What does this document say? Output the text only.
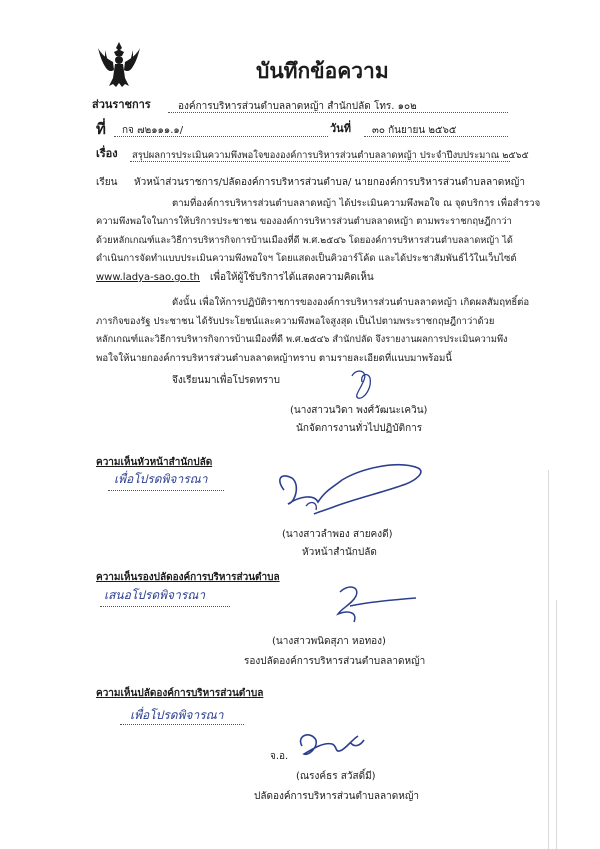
บันทึกข้อความ
ส่วนราชการ	องค์การบริหารส่วนตำบลลาดหญ้า สำนักปลัด โทร. ๑๐๒
ที่ กจ ๗๒๑๑๑.๑/	วันที่ ๓๐ กันยายน ๒๕๖๕
เรื่อง สรุปผลการประเมินความพึงพอใจขององค์การบริหารส่วนตำบลลาดหญ้า ประจำปีงบประมาณ ๒๕๖๕
เรียน หัวหน้าส่วนราชการ/ปลัดองค์การบริหารส่วนตำบล/ นายกองค์การบริหารส่วนตำบลลาดหญ้า
ตามที่องค์การบริหารส่วนตำบลลาดหญ้า ได้ประเมินความพึงพอใจ ณ จุดบริการ เพื่อสำรวจ
ความพึงพอใจในการให้บริการประชาชน ขององค์การบริหารส่วนตำบลลาดหญ้า ตามพระราชกฤษฎีกาว่า
ด้วยหลักเกณฑ์และวิธีการบริหารกิจการบ้านเมืองที่ดี พ.ศ.๒๕๔๖ โดยองค์การบริหารส่วนตำบลลาดหญ้า ได้
ดำเนินการจัดทำแบบประเมินความพึงพอใจฯ โดยแสดงเป็นคิวอาร์โค้ด และได้ประชาสัมพันธ์ไว้ในเว็บไซต์
www.ladya-sao.go.th เพื่อให้ผู้ใช้บริการได้แสดงความคิดเห็น
ดังนั้น เพื่อให้การปฏิบัติราชการขององค์การบริหารส่วนตำบลลาดหญ้า เกิดผลสัมฤทธิ์ต่อ
ภารกิจของรัฐ ประชาชน ได้รับประโยชน์และความพึงพอใจสูงสุด เป็นไปตามพระราชกฤษฎีกาว่าด้วย
หลักเกณฑ์และวิธีการบริหารกิจการบ้านเมืองที่ดี พ.ศ.๒๕๔๖ สำนักปลัด จึงรายงานผลการประเมินความพึง
พอใจให้นายกองค์การบริหารส่วนตำบลลาดหญ้าทราบ ตามรายละเอียดที่แนบมาพร้อมนี้
จึงเรียนมาเพื่อโปรดทราบ
(นางสาวนวิดา พงศ์วัฒนะเควิน)
นักจัดการงานทั่วไปปฏิบัติการ
ความเห็นหัวหน้าสำนักปลัด
เพื่อโปรดพิจารณา
(นางสาวลำพอง สายคงดี)
หัวหน้าสำนักปลัด
ความเห็นรองปลัดองค์การบริหารส่วนตำบล
เสนอโปรดพิจารณา
(นางสาวพนิดสุภา หอทอง)
รองปลัดองค์การบริหารส่วนตำบลลาดหญ้า
ความเห็นปลัดองค์การบริหารส่วนตำบล
เพื่อโปรดพิจารณา
จ.อ.
(ณรงค์ธร สวัสดิ์มี)
ปลัดองค์การบริหารส่วนตำบลลาดหญ้า
